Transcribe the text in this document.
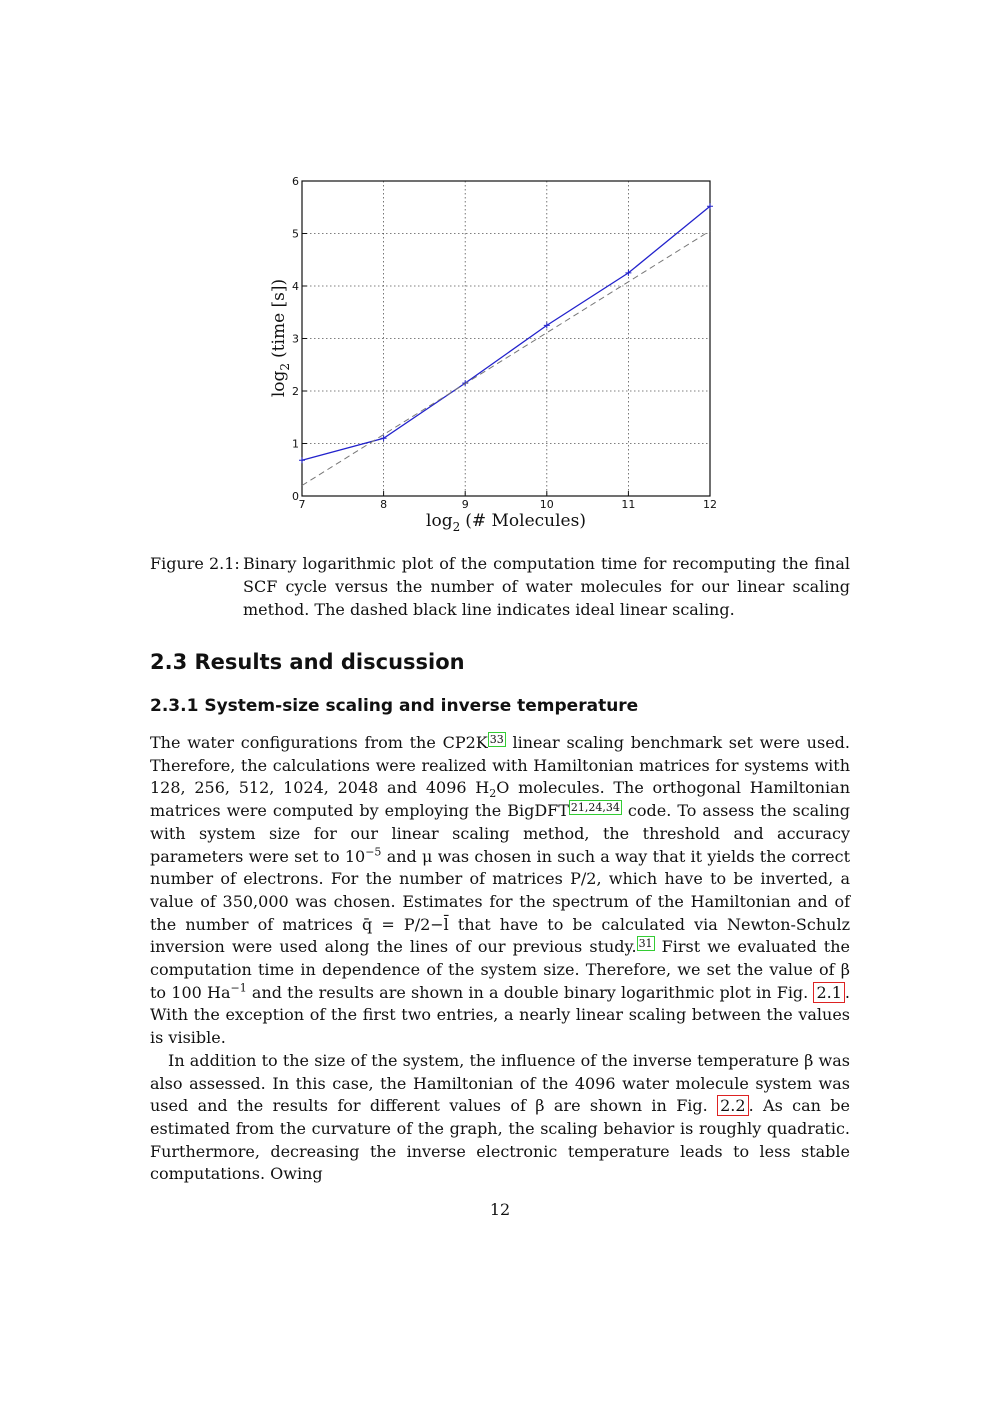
7	8	9	10	11	12
0
1
2
3
4
5
6
$\log_2$ (# Molecules)
$\log_2(time$ [s])
Figure 2.1: Binary logarithmic plot of the computation time for recomputing the final SCF cycle versus the number of water molecules for our linear scaling method. The dashed black line indicates ideal linear scaling.
2.3 Results and discussion
2.3.1 System-size scaling and inverse temperature

The water configurations from the CP2K $^{33}$ linear scaling benchmark set were used. Therefore, the calculations were realized with Hamiltonian matrices for systems with 128, 256, 512, 1024, 2048 and 4096 $H_2O$ molecules. The orthogonal Hamiltonian matrices were computed by employing the BigDFT $^{21,24,34}$ code. To assess the scaling with system size for our linear scaling method, the threshold and accuracy parameters were set to $10^{-5}$ and μ was chosen in such a way that it yields the correct number of electrons. For the number of matrices P/2, which have to be inverted, a value of 350,000 was chosen. Estimates for the spectrum of the Hamiltonian and of the number of matrices q̄ = P/2−l̄ that have to be calculated via Newton-Schulz inversion were used along the lines of our previous study. $^{31}$ First we evaluated the computation time in dependence of the system size. Therefore, we set the value of β to 100 $Ha^{-1}$ and the results are shown in a double binary logarithmic plot in Fig. 2.1 . With the exception of the first two entries, a nearly linear scaling between the values is visible.

In addition to the size of the system, the influence of the inverse temperature β was also assessed. In this case, the Hamiltonian of the 4096 water molecule system was used and the results for different values of β are shown in Fig. 2.2 . As can be estimated from the curvature of the graph, the scaling behavior is roughly quadratic. Furthermore, decreasing the inverse electronic temperature leads to less stable computations. Owing

12
